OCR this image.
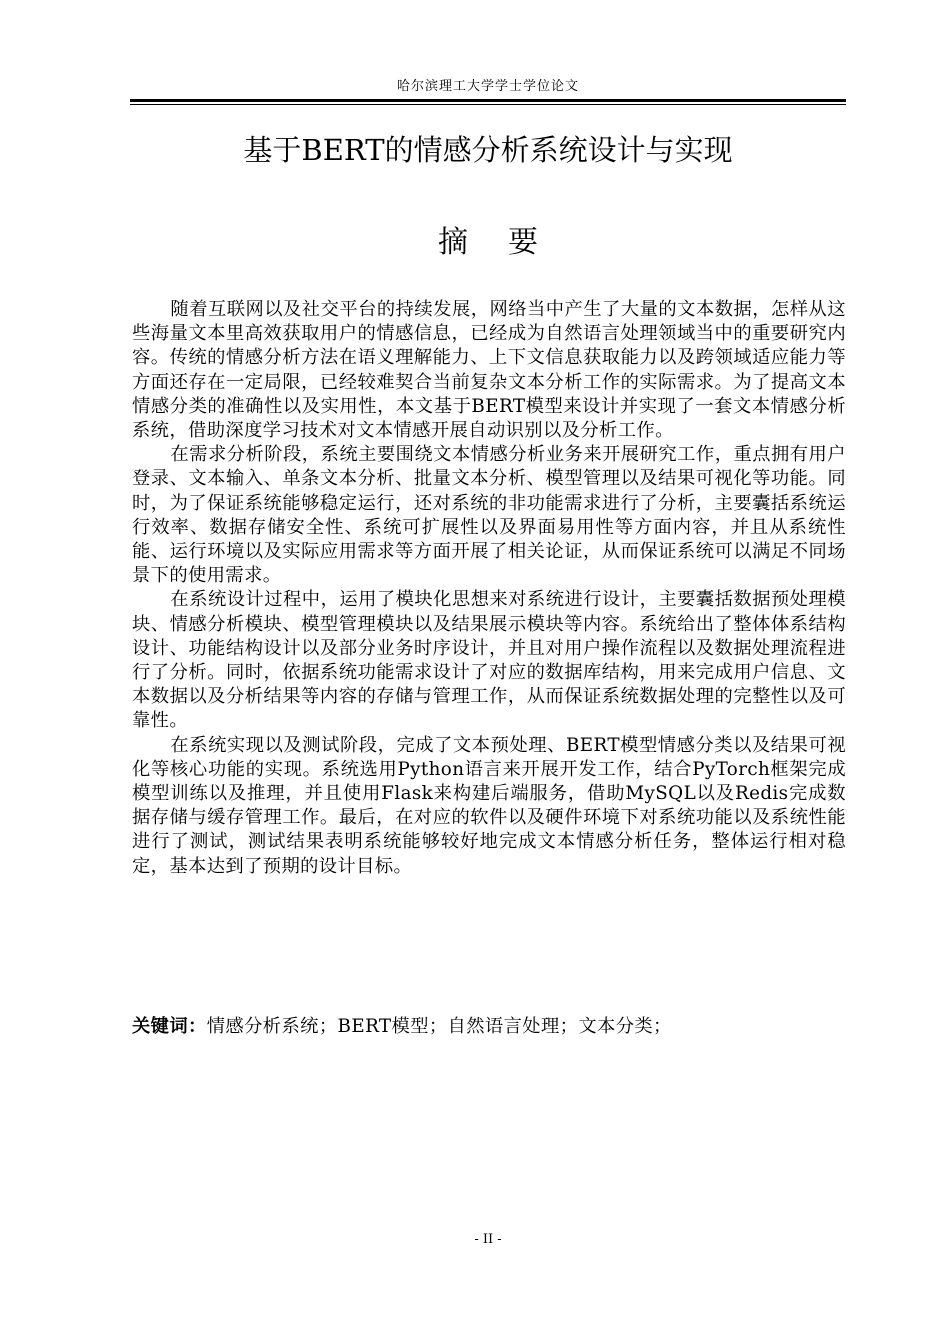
哈尔滨理工大学学士学位论文
基于BERT的情感分析系统设计与实现
摘要

随着互联网以及社交平台的持续发展，网络当中产生了大量的文本数据，怎样从这些海量文本里高效获取用户的情感信息，已经成为自然语言处理领域当中的重要研究内容。传统的情感分析方法在语义理解能力、上下文信息获取能力以及跨领域适应能力等方面还存在一定局限，已经较难契合当前复杂文本分析工作的实际需求。为了提高文本情感分类的准确性以及实用性，本文基于BERT模型来设计并实现了一套文本情感分析系统，借助深度学习技术对文本情感开展自动识别以及分析工作。

在需求分析阶段，系统主要围绕文本情感分析业务来开展研究工作，重点拥有用户登录、文本输入、单条文本分析、批量文本分析、模型管理以及结果可视化等功能。同时，为了保证系统能够稳定运行，还对系统的非功能需求进行了分析，主要囊括系统运行效率、数据存储安全性、系统可扩展性以及界面易用性等方面内容，并且从系统性能、运行环境以及实际应用需求等方面开展了相关论证，从而保证系统可以满足不同场景下的使用需求。

在系统设计过程中，运用了模块化思想来对系统进行设计，主要囊括数据预处理模块、情感分析模块、模型管理模块以及结果展示模块等内容。系统给出了整体体系结构设计、功能结构设计以及部分业务时序设计，并且对用户操作流程以及数据处理流程进行了分析。同时，依据系统功能需求设计了对应的数据库结构，用来完成用户信息、文本数据以及分析结果等内容的存储与管理工作，从而保证系统数据处理的完整性以及可靠性。

在系统实现以及测试阶段，完成了文本预处理、BERT模型情感分类以及结果可视化等核心功能的实现。系统选用Python语言来开展开发工作，结合PyTorch框架完成模型训练以及推理，并且使用Flask来构建后端服务，借助MySQL以及Redis完成数据存储与缓存管理工作。最后，在对应的软件以及硬件环境下对系统功能以及系统性能进行了测试，测试结果表明系统能够较好地完成文本情感分析任务，整体运行相对稳定，基本达到了预期的设计目标。

关键词：情感分析系统；BERT模型；自然语言处理；文本分类；
- II -
